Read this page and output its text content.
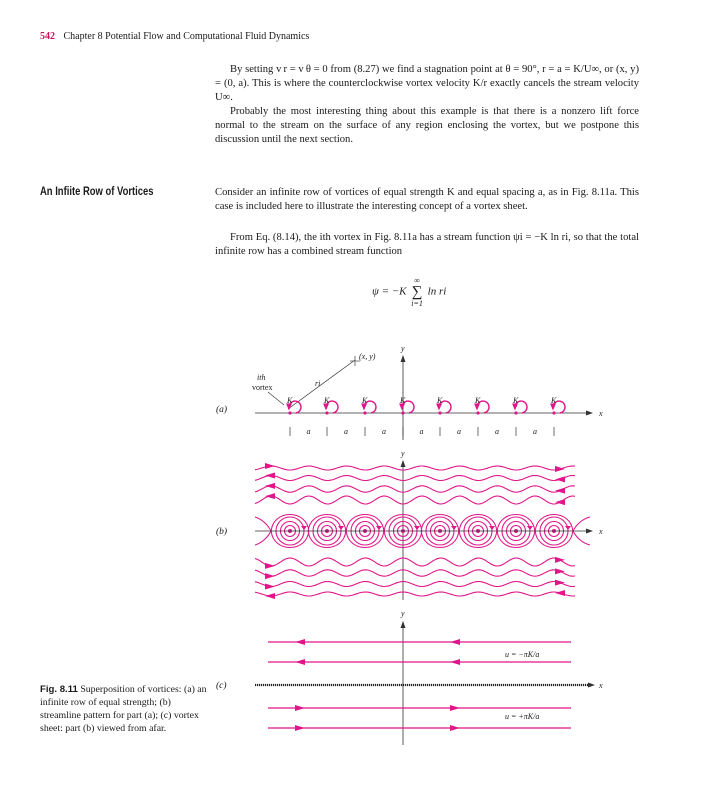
542 Chapter 8 Potential Flow and Computational Fluid Dynamics

By setting v r = v θ = 0 from (8.27) we find a stagnation point at θ = 90°, r = a = K/U∞, or (x, y) = (0, a). This is where the counterclockwise vortex velocity K/r exactly cancels the stream velocity U∞.

Probably the most interesting thing about this example is that there is a nonzero lift force normal to the stream on the surface of any region enclosing the vortex, but we postpone this discussion until the next section.

An Infiite Row of Vortices	Consider an infinite row of vortices of equal strength K and equal spacing a, as in Fig. 8.11a. This case is included here to illustrate the interesting concept of a vortex sheet.

From Eq. (8.14), the ith vortex in Fig. 8.11a has a stream function ψi = −K ln ri, so that the total infinite row has a combined stream function

ψ = −K
∞
∑
i=1
ln ri
(a)
(b)
(c)

Fig. 8.11 Superposition of vortices: (a) an infinite row of equal strength; (b) streamline pattern for part (a); (c) vortex sheet: part (b) viewed from afar.

x
y
(x, y)
ri
ith
vortex
K	K	K	K	K	K	K	K
a	a	a	a	a	a	a
y
x
y
x
u = −πK/a
u = +πK/a
